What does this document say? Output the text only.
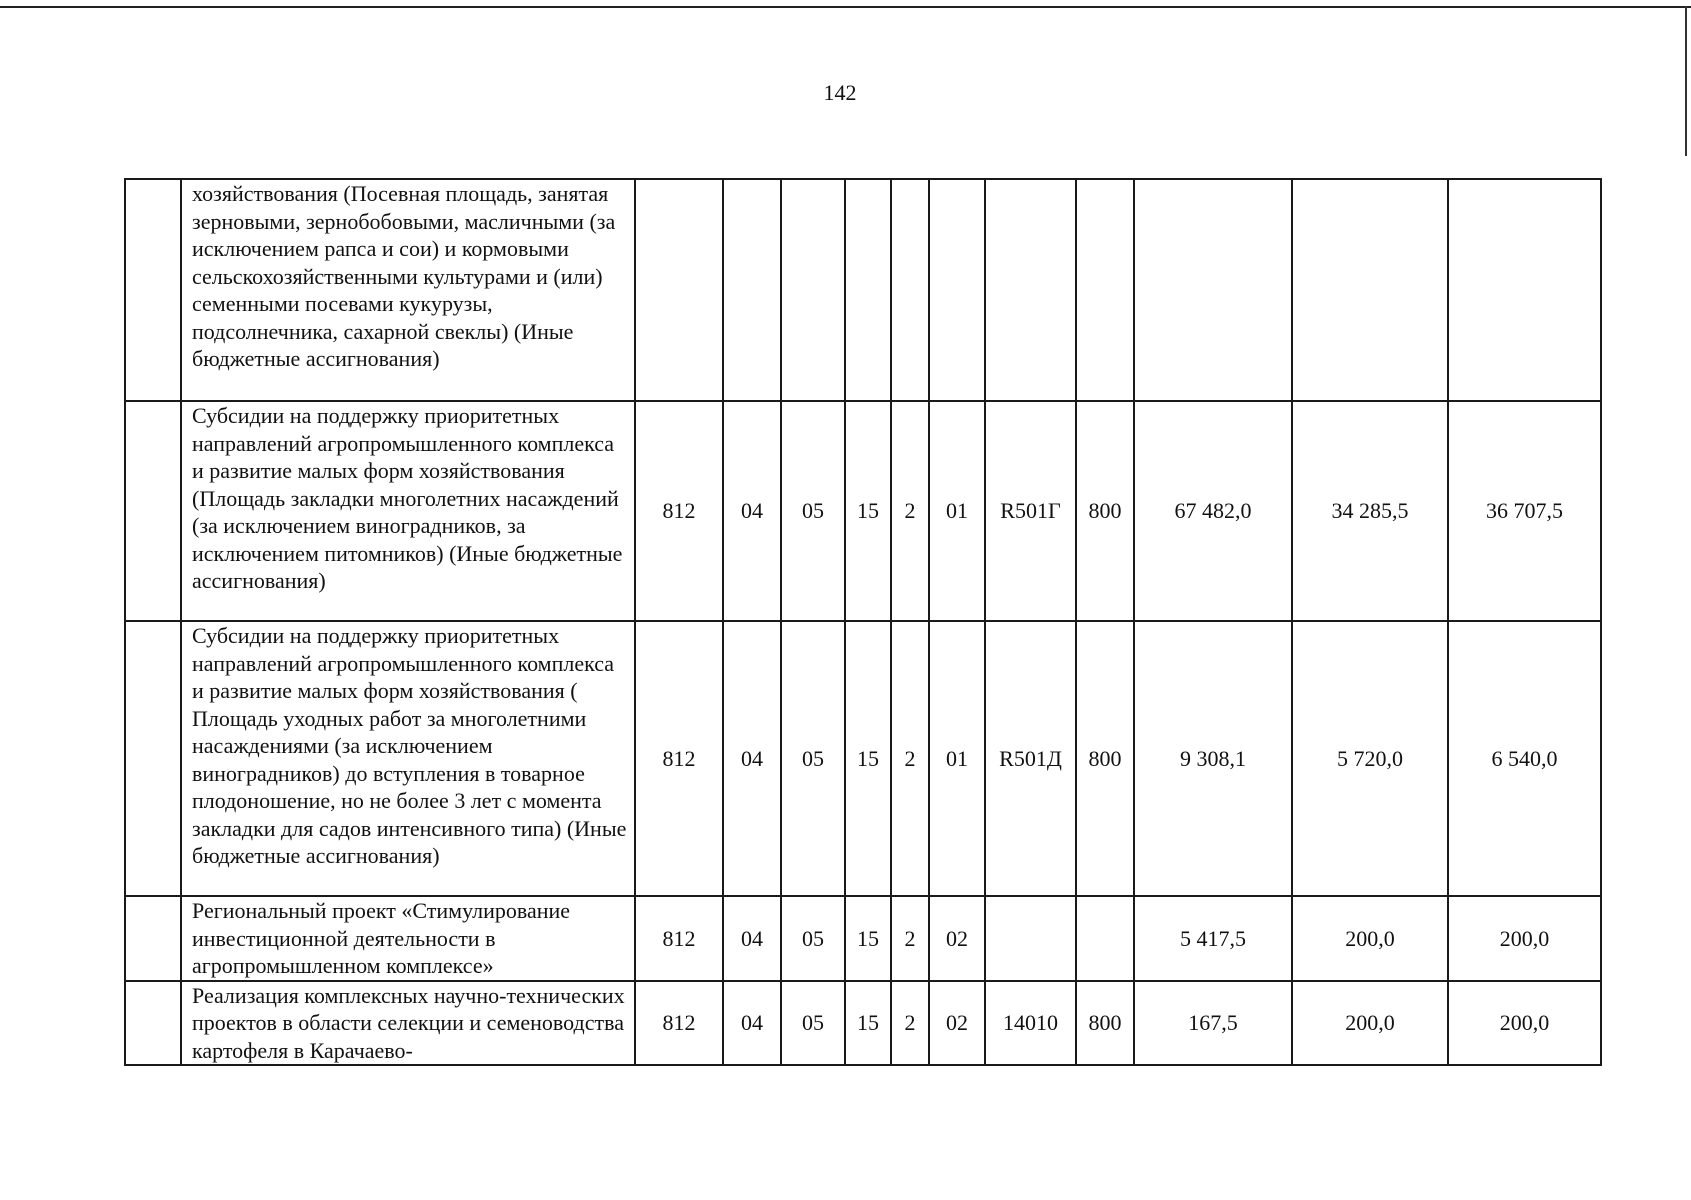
142
	хозяйствования (Посевная площадь, занятая зерновыми, зернобобовыми, масличными (за исключением рапса и сои) и кормовыми сельскохозяйственными культурами и (или) семенными посевами кукурузы, подсолнечника, сахарной свеклы) (Иные бюджетные ассигнования)											
	Субсидии на поддержку приоритетных направлений агропромышленного комплекса и развитие малых форм хозяйствования (Площадь закладки многолетних насаждений (за исключением виноградников, за исключением питомников) (Иные бюджетные ассигнования)	812	04	05	15	2	01	R501Г	800	67 482,0	34 285,5	36 707,5
	Субсидии на поддержку приоритетных направлений агропромышленного комплекса и развитие малых форм хозяйствования ( Площадь уходных работ за многолетними насаждениями (за исключением виноградников) до вступления в товарное плодоношение, но не более 3 лет с момента закладки для садов интенсивного типа) (Иные бюджетные ассигнования)	812	04	05	15	2	01	R501Д	800	9 308,1	5 720,0	6 540,0
	Региональный проект «Стимулирование инвестиционной деятельности в агропромышленном комплексе»	812	04	05	15	2	02			5 417,5	200,0	200,0
	Реализация комплексных научно-технических проектов в области селекции и семеноводства картофеля в Карачаево-	812	04	05	15	2	02	14010	800	167,5	200,0	200,0
